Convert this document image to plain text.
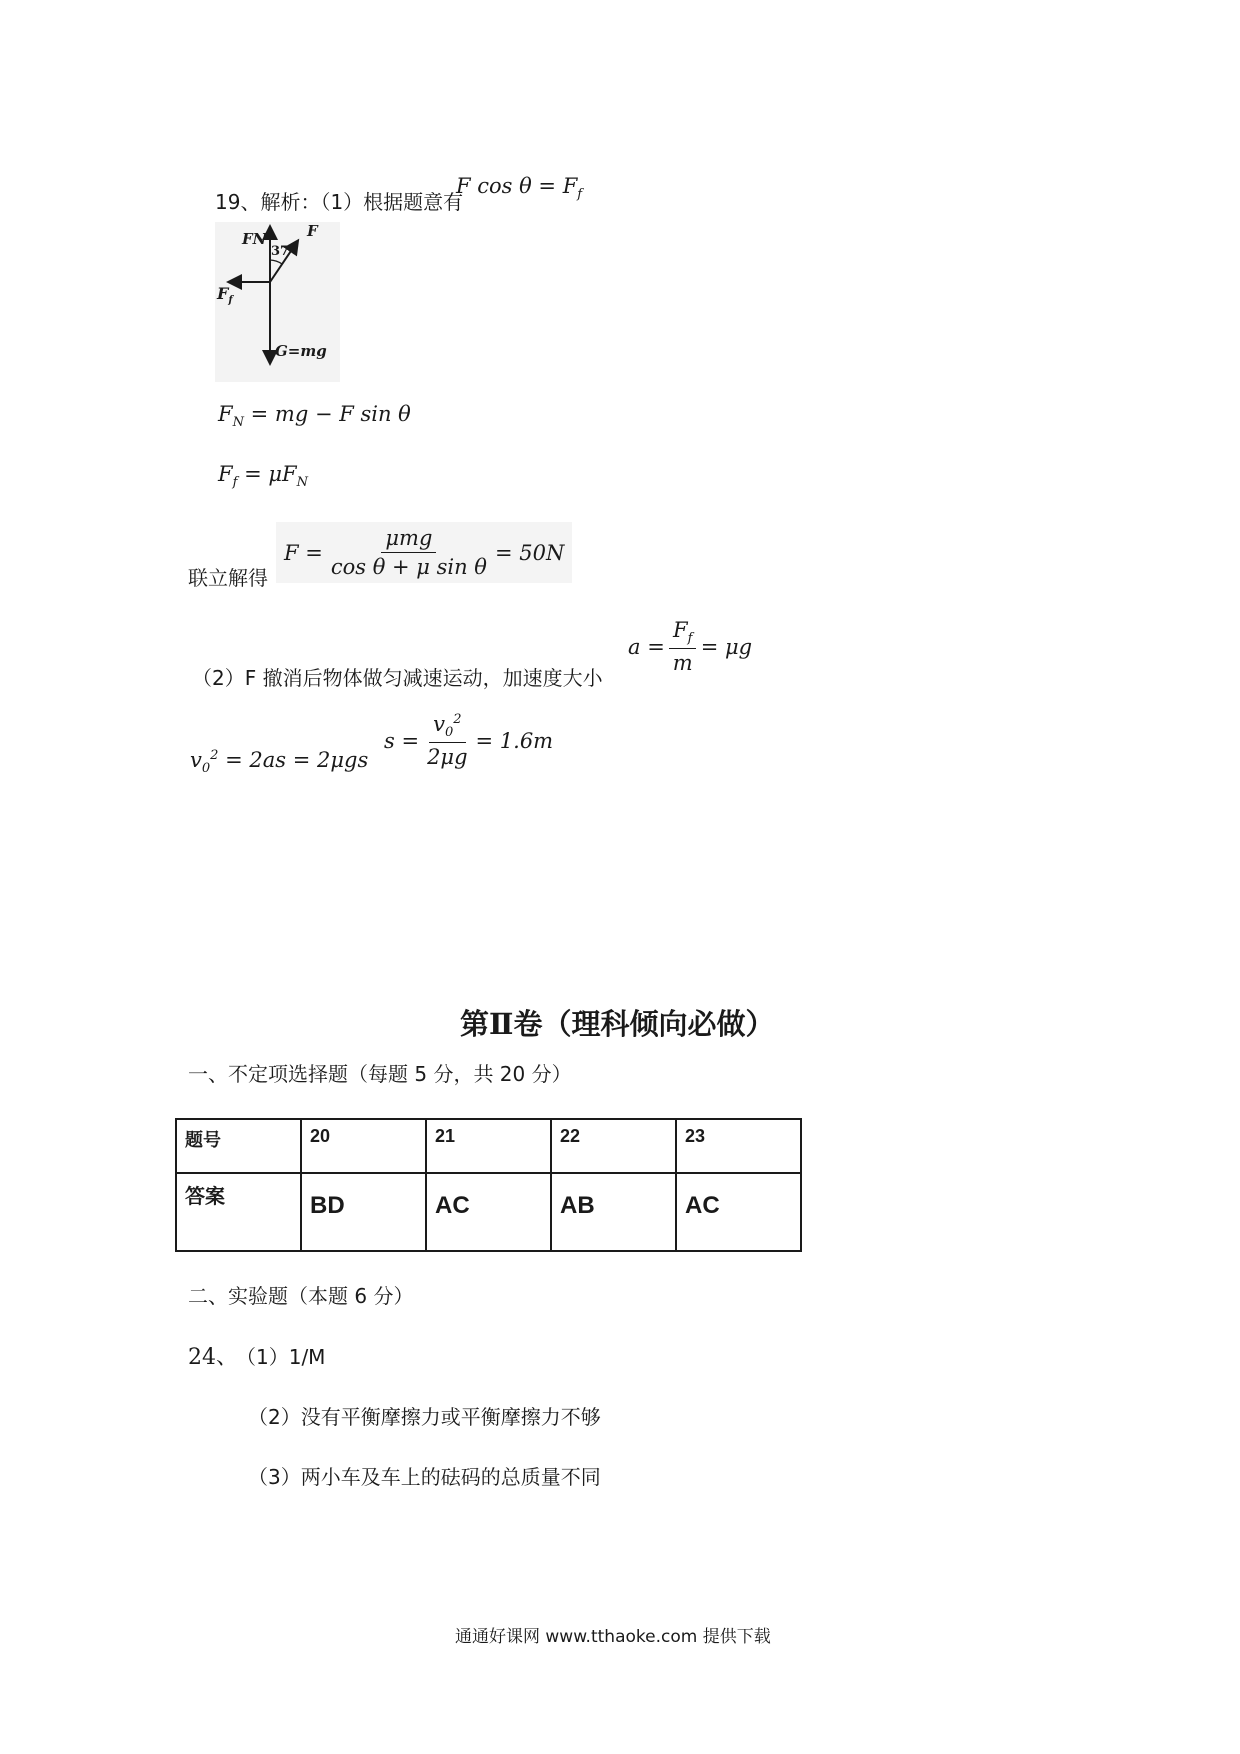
19、解析：（1）根据题意有
F $\cos \theta = F_f$
FN
37°
F
$F_f$
G=mg
$F_N$ = mg − F sin θ
$F_f = \mu F_N$
联立解得
$F = \frac{\text{μmg}}{\text{cos θ + μ sin θ}} = 50N$
（2）F 撤消后物体做匀减速运动，加速度大小
$a = \frac{F_f}{m} = \mu g$
$v_0^2 = 2as = 2\mu gs$
$s = \frac{v_0^2}{2\mu g} = 1.6m$
第Ⅱ卷（理科倾向必做）
一、不定项选择题（每题 5 分，共 20 分）
题号	20	21	22	23
答案	BD	AC	AB	AC
二、实验题（本题 6 分）
24、
（1）1/M
（2）没有平衡摩擦力或平衡摩擦力不够
（3）两小车及车上的砝码的总质量不同
通通好课网 www.tthaoke.com 提供下载
